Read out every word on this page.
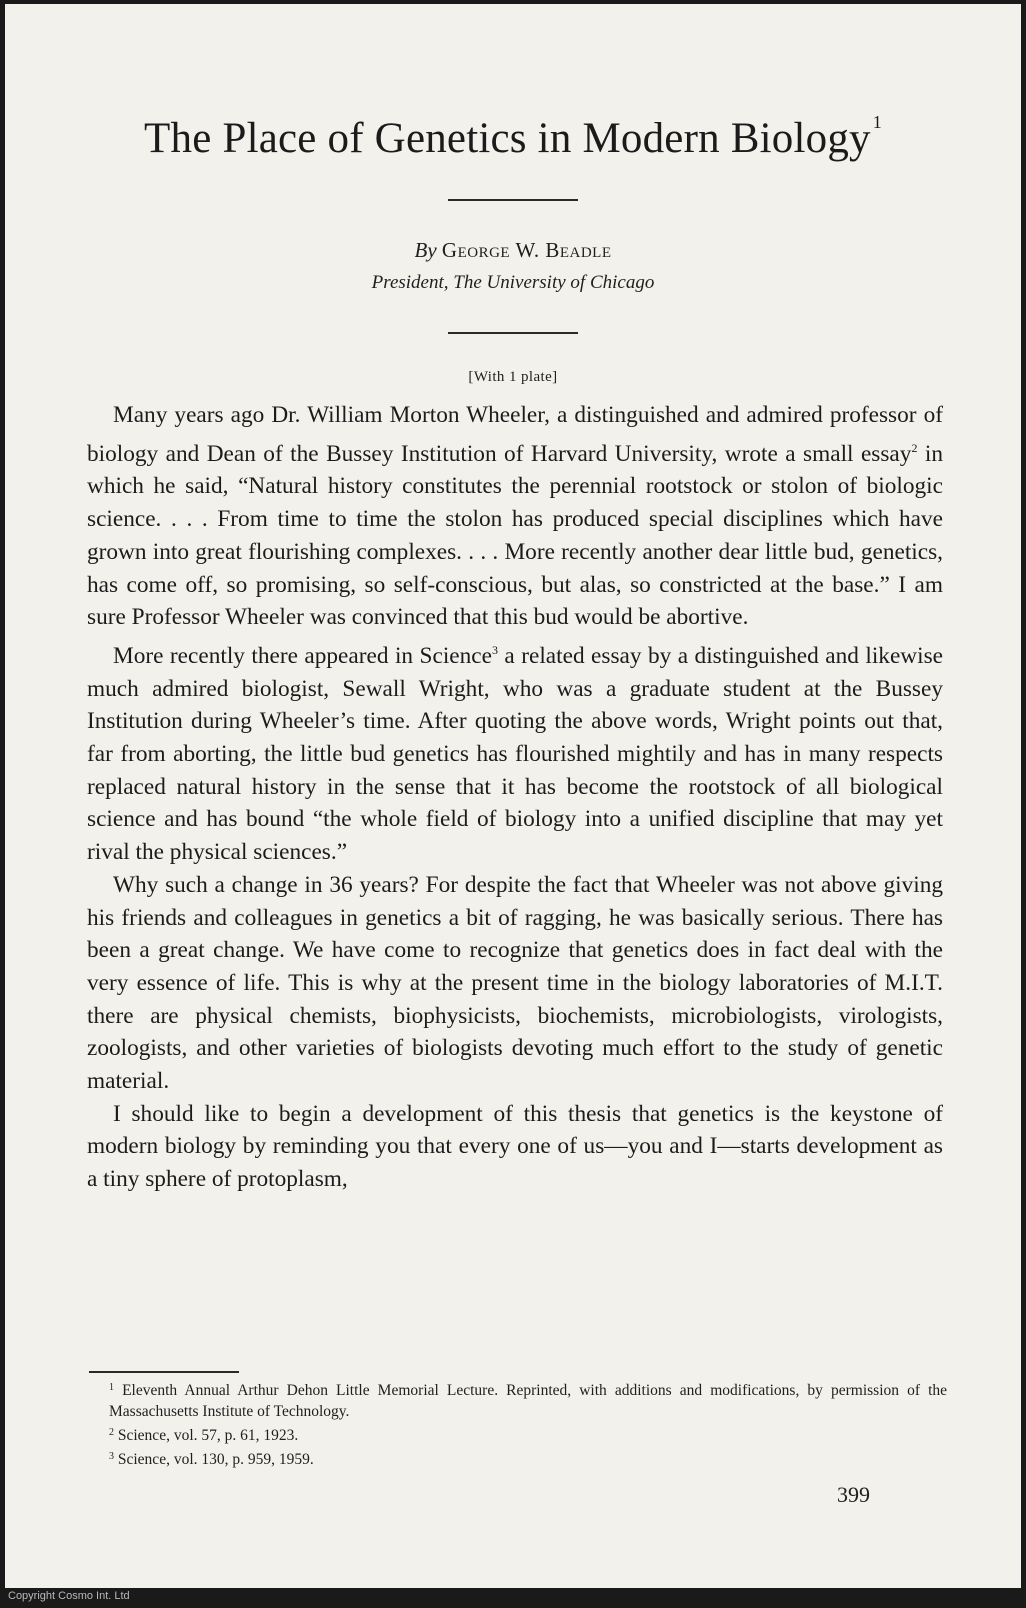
The Place of Genetics in Modern Biology $^1$
By George W. Beadle
President, The University of Chicago
[With 1 plate]

Many years ago Dr. William Morton Wheeler, a distinguished and admired professor of biology and Dean of the Bussey Institution of Harvard University, wrote a small essay$^2$ in which he said, “Natural history constitutes the perennial rootstock or stolon of biologic science. . . . From time to time the stolon has produced special disciplines which have grown into great flourishing complexes. . . . More recently another dear little bud, genetics, has come off, so promising, so self-conscious, but alas, so constricted at the base.” I am sure Professor Wheeler was convinced that this bud would be abortive.

More recently there appeared in Science$^3$ a related essay by a distinguished and likewise much admired biologist, Sewall Wright, who was a graduate student at the Bussey Institution during Wheeler’s time. After quoting the above words, Wright points out that, far from aborting, the little bud genetics has flourished mightily and has in many respects replaced natural history in the sense that it has become the rootstock of all biological science and has bound “the whole field of biology into a unified discipline that may yet rival the physical sciences.”

Why such a change in 36 years? For despite the fact that Wheeler was not above giving his friends and colleagues in genetics a bit of ragging, he was basically serious. There has been a great change. We have come to recognize that genetics does in fact deal with the very essence of life. This is why at the present time in the biology laboratories of M.I.T. there are physical chemists, biophysicists, biochemists, microbiologists, virologists, zoologists, and other varieties of biologists devoting much effort to the study of genetic material.

I should like to begin a development of this thesis that genetics is the keystone of modern biology by reminding you that every one of us—you and I—starts development as a tiny sphere of protoplasm,

$^1$ Eleventh Annual Arthur Dehon Little Memorial Lecture. Reprinted, with additions and modifications, by permission of the Massachusetts Institute of Technology.

$^2$ Science, vol. 57, p. 61, 1923.

$^3$ Science, vol. 130, p. 959, 1959.

399
Copyright Cosmo Int. Ltd
